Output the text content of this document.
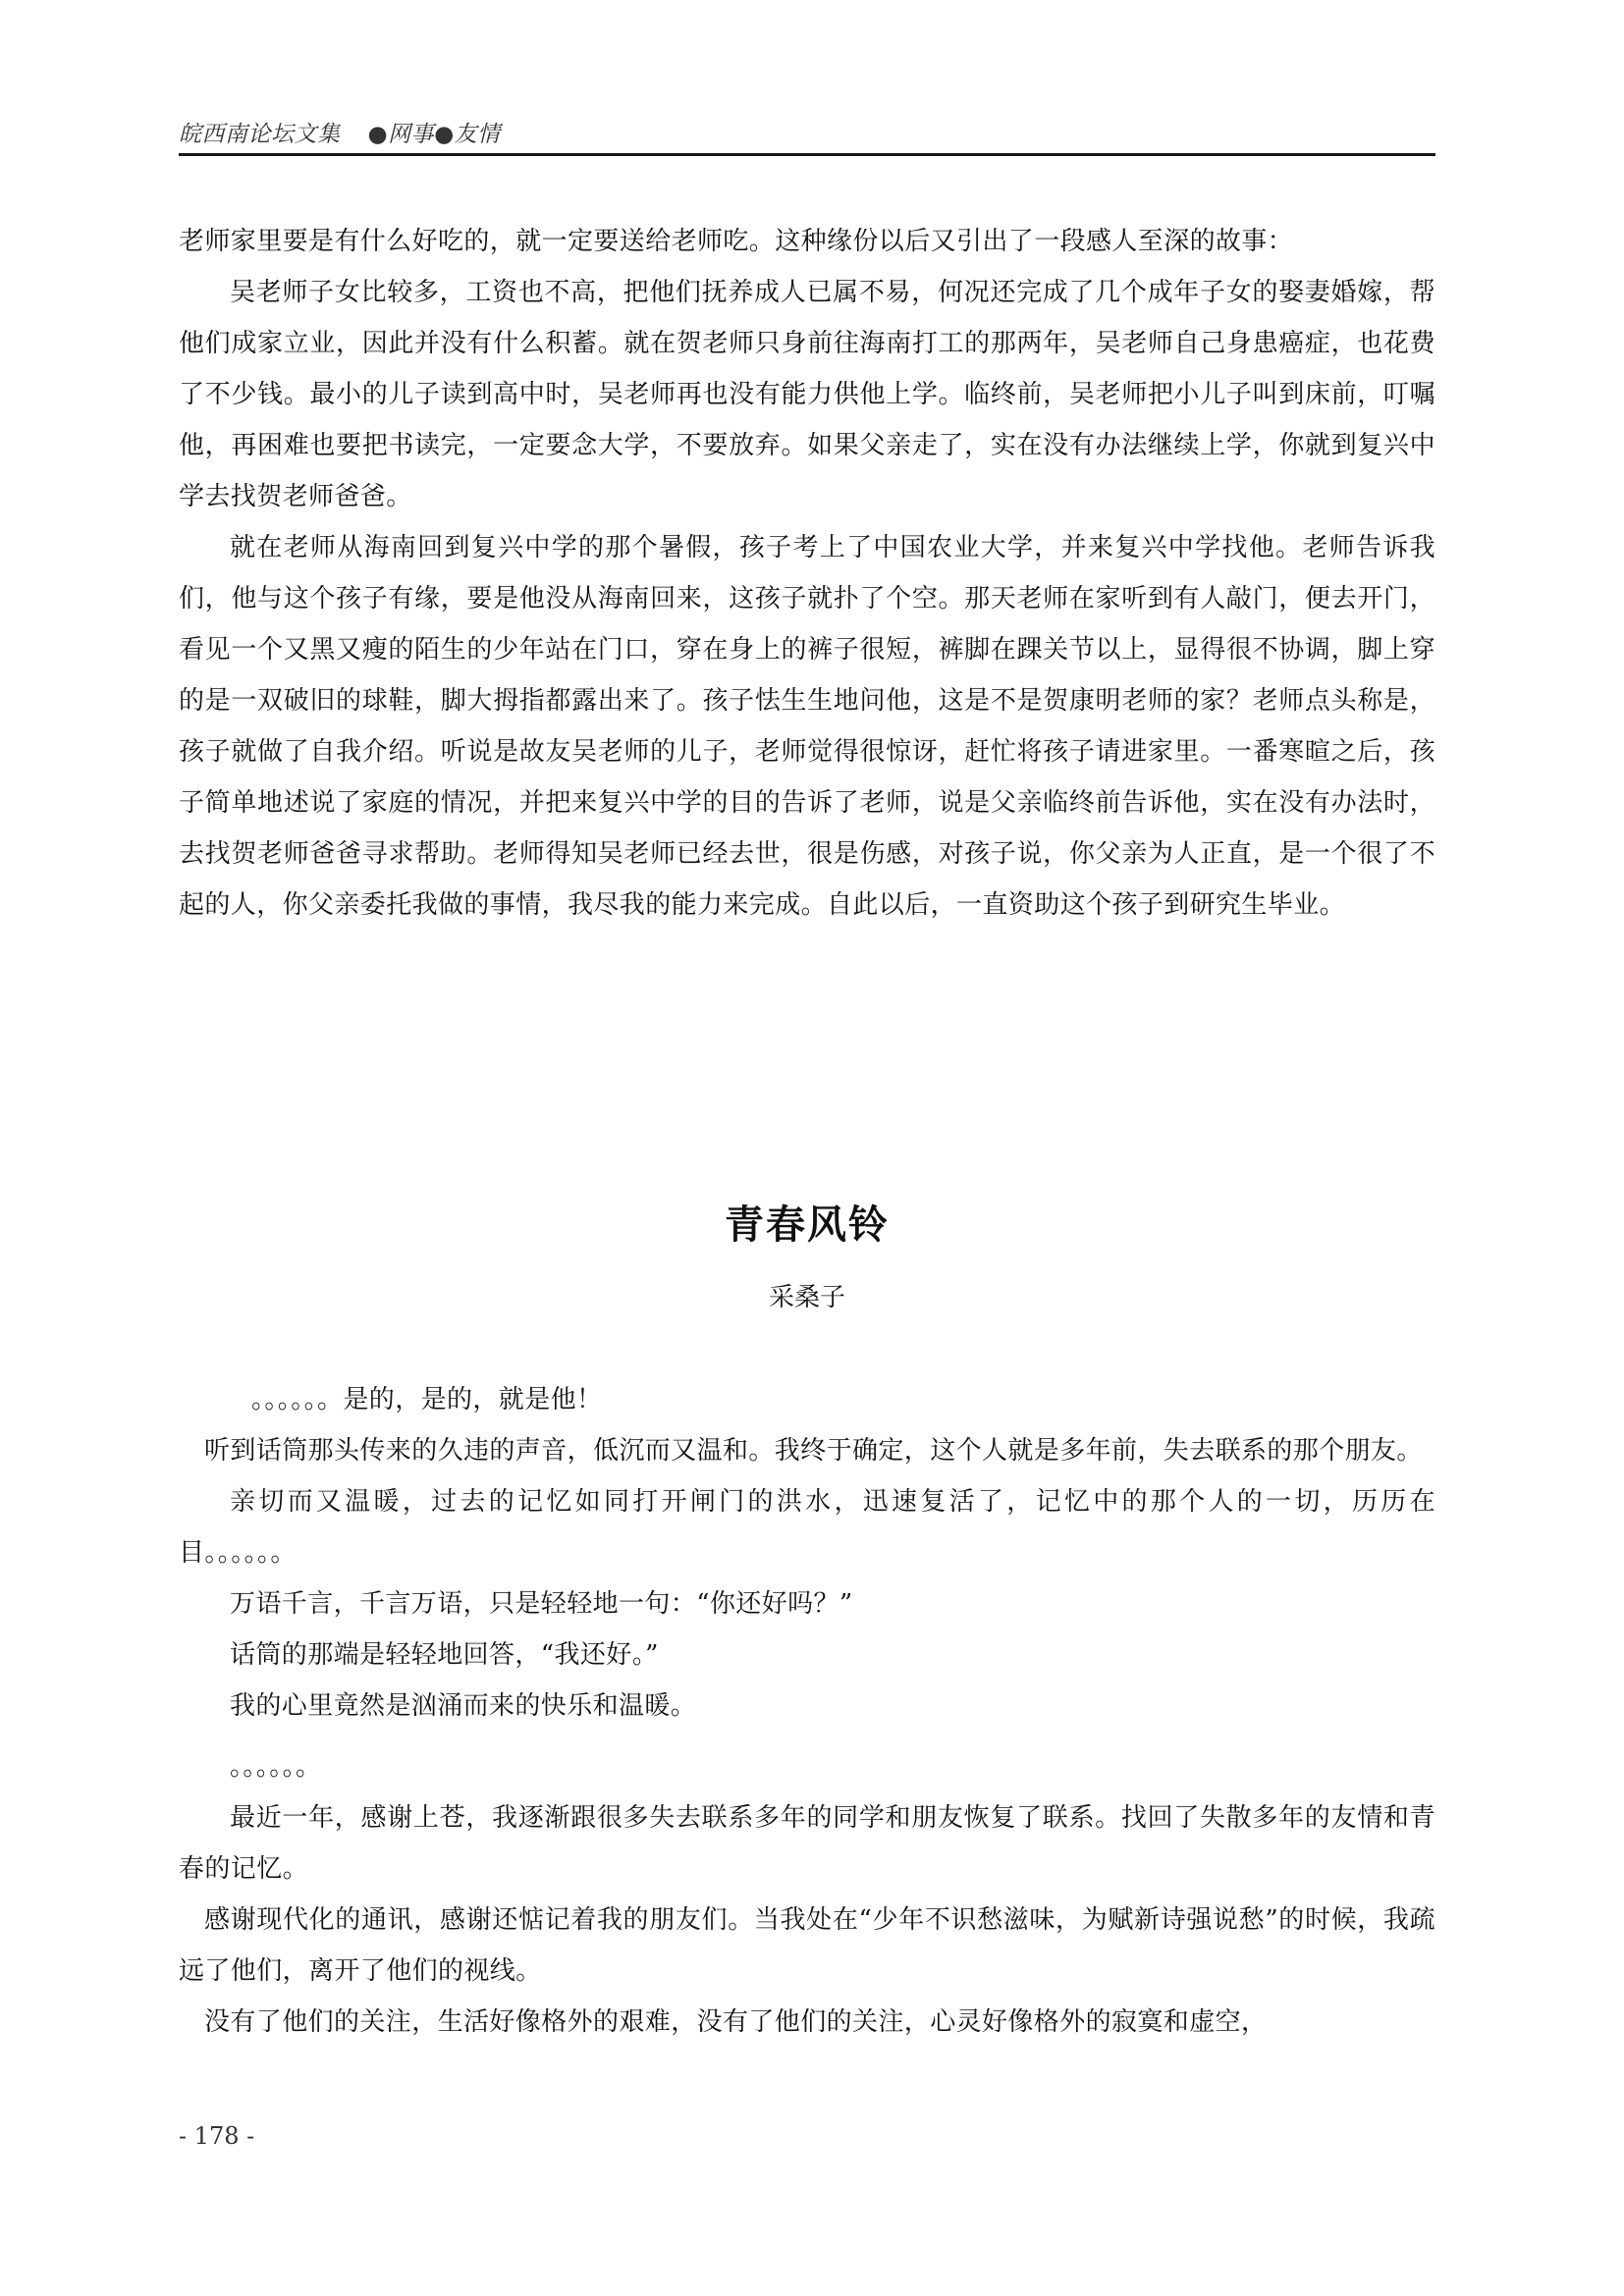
皖西南论坛文集 ●网事●友情

老师家里要是有什么好吃的，就一定要送给老师吃。这种缘份以后又引出了一段感人至深的故事：

吴老师子女比较多，工资也不高，把他们抚养成人已属不易，何况还完成了几个成年子女的娶妻婚嫁，帮他们成家立业，因此并没有什么积蓄。就在贺老师只身前往海南打工的那两年，吴老师自己身患癌症，也花费了不少钱。最小的儿子读到高中时，吴老师再也没有能力供他上学。临终前，吴老师把小儿子叫到床前，叮嘱他，再困难也要把书读完，一定要念大学，不要放弃。如果父亲走了，实在没有办法继续上学，你就到复兴中学去找贺老师爸爸。

就在老师从海南回到复兴中学的那个暑假，孩子考上了中国农业大学，并来复兴中学找他。老师告诉我们，他与这个孩子有缘，要是他没从海南回来，这孩子就扑了个空。那天老师在家听到有人敲门，便去开门，看见一个又黑又瘦的陌生的少年站在门口，穿在身上的裤子很短，裤脚在踝关节以上，显得很不协调，脚上穿的是一双破旧的球鞋，脚大拇指都露出来了。孩子怯生生地问他，这是不是贺康明老师的家？老师点头称是，孩子就做了自我介绍。听说是故友吴老师的儿子，老师觉得很惊讶，赶忙将孩子请进家里。一番寒暄之后，孩子简单地述说了家庭的情况，并把来复兴中学的目的告诉了老师，说是父亲临终前告诉他，实在没有办法时，去找贺老师爸爸寻求帮助。老师得知吴老师已经去世，很是伤感，对孩子说，你父亲为人正直，是一个很了不起的人，你父亲委托我做的事情，我尽我的能力来完成。自此以后，一直资助这个孩子到研究生毕业。

青春风铃
采桑子

。。。。。。是的，是的，就是他！

听到话筒那头传来的久违的声音，低沉而又温和。我终于确定，这个人就是多年前，失去联系的那个朋友。

亲切而又温暖，过去的记忆如同打开闸门的洪水，迅速复活了，记忆中的那个人的一切，历历在目。。。。。。

万语千言，千言万语，只是轻轻地一句：“你还好吗？”

话筒的那端是轻轻地回答，“我还好。”

我的心里竟然是汹涌而来的快乐和温暖。

。。。。。。

最近一年，感谢上苍，我逐渐跟很多失去联系多年的同学和朋友恢复了联系。找回了失散多年的友情和青春的记忆。

感谢现代化的通讯，感谢还惦记着我的朋友们。当我处在“少年不识愁滋味，为赋新诗强说愁”的时候，我疏远了他们，离开了他们的视线。

没有了他们的关注，生活好像格外的艰难，没有了他们的关注，心灵好像格外的寂寞和虚空，

- 178 -
